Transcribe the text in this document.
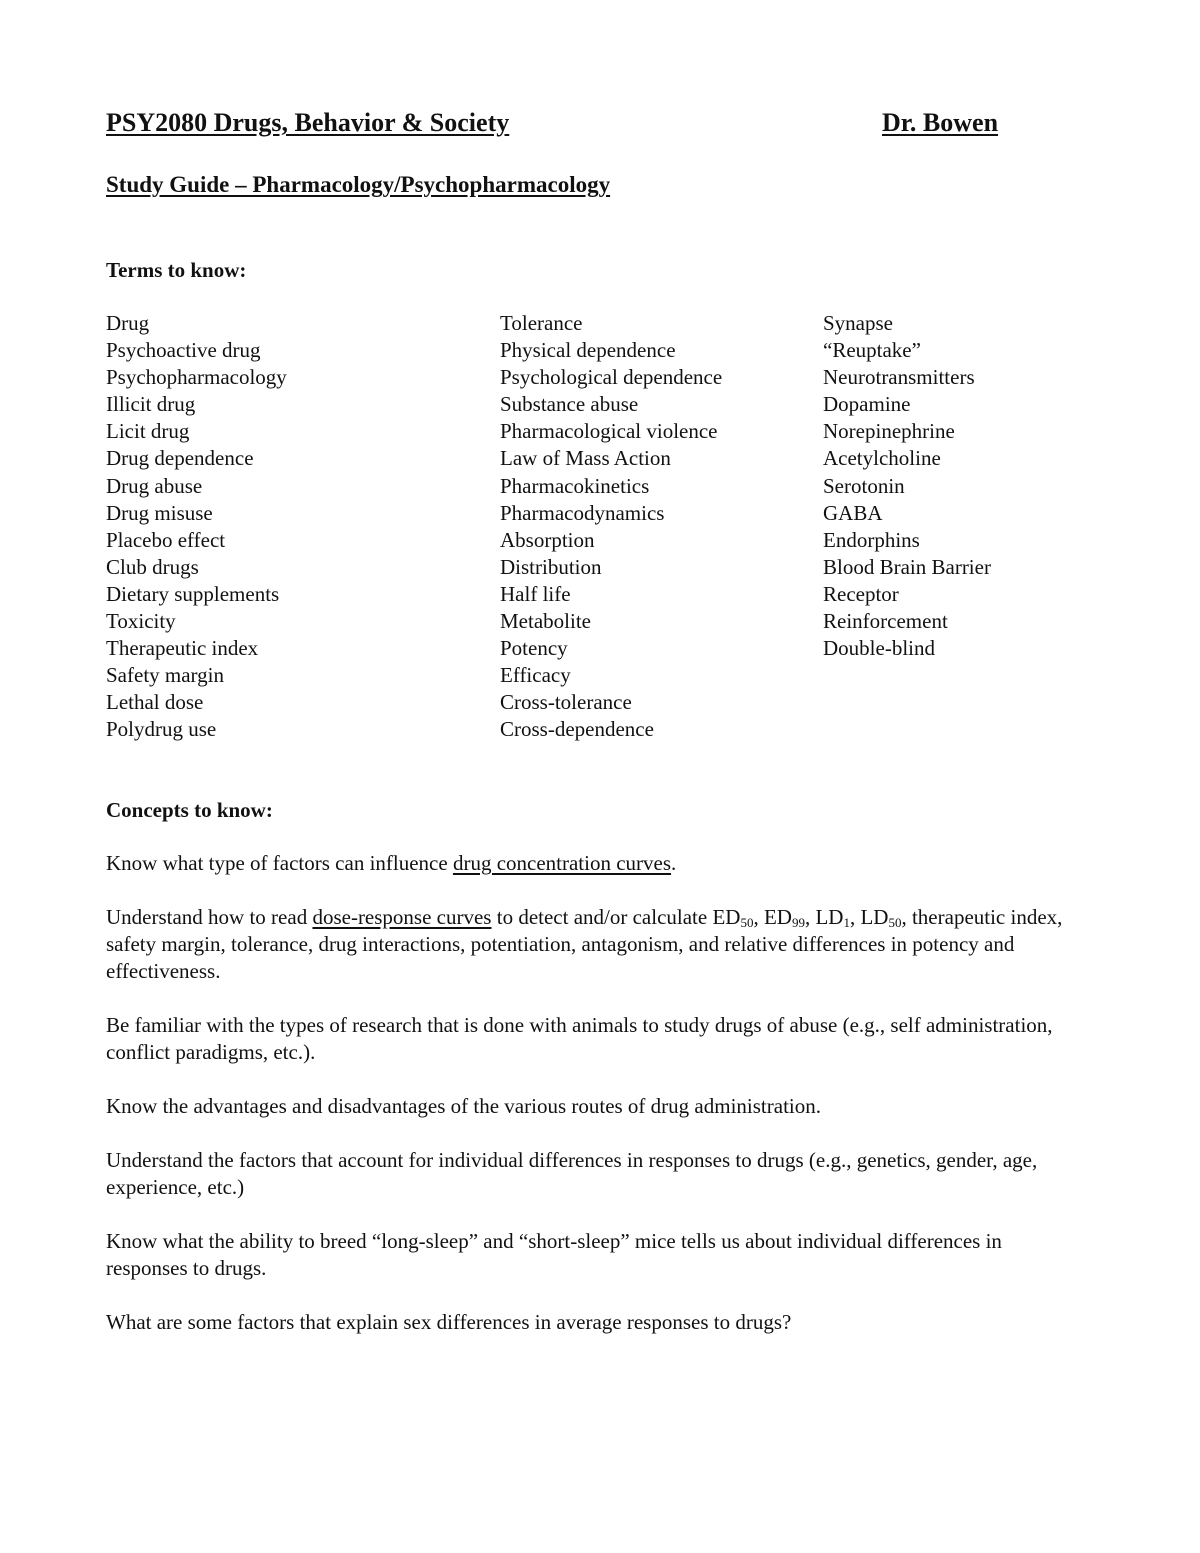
PSY2080 Drugs, Behavior & Society	Dr. Bowen
Study Guide – Pharmacology/Psychopharmacology
Terms to know:
Drug
Psychoactive drug
Psychopharmacology
Illicit drug
Licit drug
Drug dependence
Drug abuse
Drug misuse
Placebo effect
Club drugs
Dietary supplements
Toxicity
Therapeutic index
Safety margin
Lethal dose
Polydrug use
Tolerance
Physical dependence
Psychological dependence
Substance abuse
Pharmacological violence
Law of Mass Action
Pharmacokinetics
Pharmacodynamics
Absorption
Distribution
Half life
Metabolite
Potency
Efficacy
Cross-tolerance
Cross-dependence
Synapse
“Reuptake”
Neurotransmitters
Dopamine
Norepinephrine
Acetylcholine
Serotonin
GABA
Endorphins
Blood Brain Barrier
Receptor
Reinforcement
Double-blind
Concepts to know:

Know what type of factors can influence drug concentration curves.

Understand how to read dose-response curves to detect and/or calculate $ED_{50}$, $ED_{99}$, $LD_1$, $LD_{50}$, therapeutic index, safety margin, tolerance, drug interactions, potentiation, antagonism, and relative differences in potency and effectiveness.

Be familiar with the types of research that is done with animals to study drugs of abuse (e.g., self administration, conflict paradigms, etc.).

Know the advantages and disadvantages of the various routes of drug administration.

Understand the factors that account for individual differences in responses to drugs (e.g., genetics, gender, age, experience, etc.)

Know what the ability to breed “long-sleep” and “short-sleep” mice tells us about individual differences in responses to drugs.

What are some factors that explain sex differences in average responses to drugs?
